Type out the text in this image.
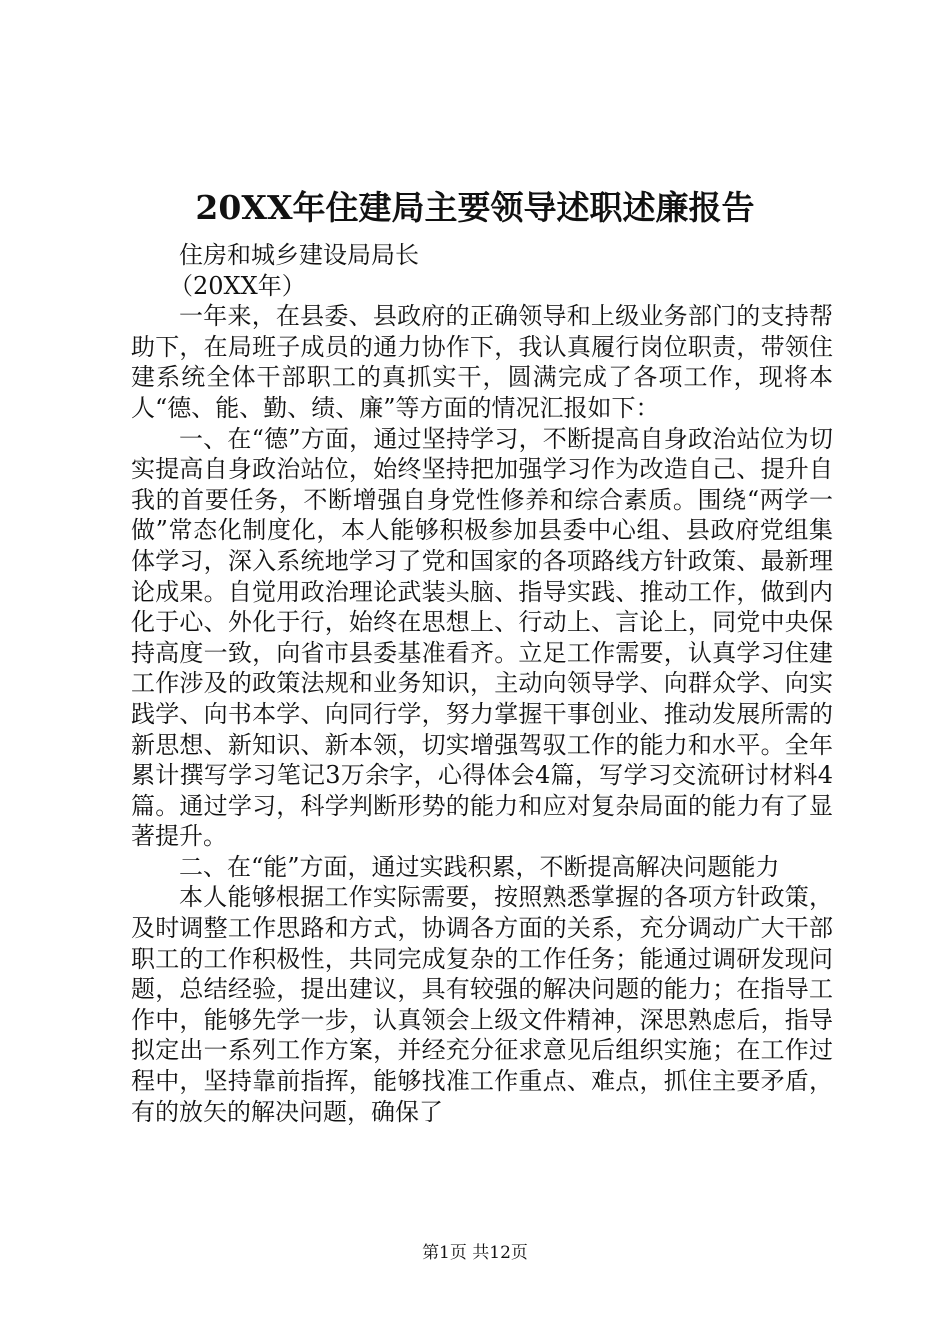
20XX年住建局主要领导述职述廉报告

住房和城乡建设局局长

（20XX年）

一年来，在县委、县政府的正确领导和上级业务部门的支持帮助下，在局班子成员的通力协作下，我认真履行岗位职责，带领住建系统全体干部职工的真抓实干，圆满完成了各项工作，现将本人“德、能、勤、绩、廉”等方面的情况汇报如下：

一、在“德”方面，通过坚持学习，不断提高自身政治站位为切实提高自身政治站位，始终坚持把加强学习作为改造自己、提升自我的首要任务，不断增强自身党性修养和综合素质。围绕“两学一做”常态化制度化，本人能够积极参加县委中心组、县政府党组集体学习，深入系统地学习了党和国家的各项路线方针政策、最新理论成果。自觉用政治理论武装头脑、指导实践、推动工作，做到内化于心、外化于行，始终在思想上、行动上、言论上，同党中央保持高度一致，向省市县委基准看齐。立足工作需要，认真学习住建工作涉及的政策法规和业务知识，主动向领导学、向群众学、向实践学、向书本学、向同行学，努力掌握干事创业、推动发展所需的新思想、新知识、新本领，切实增强驾驭工作的能力和水平。全年累计撰写学习笔记3万余字，心得体会4篇，写学习交流研讨材料4篇。通过学习，科学判断形势的能力和应对复杂局面的能力有了显著提升。

二、在“能”方面，通过实践积累，不断提高解决问题能力

本人能够根据工作实际需要，按照熟悉掌握的各项方针政策，及时调整工作思路和方式，协调各方面的关系，充分调动广大干部职工的工作积极性，共同完成复杂的工作任务；能通过调研发现问题，总结经验，提出建议，具有较强的解决问题的能力；在指导工作中，能够先学一步，认真领会上级文件精神，深思熟虑后，指导拟定出一系列工作方案，并经充分征求意见后组织实施；在工作过程中，坚持靠前指挥，能够找准工作重点、难点，抓住主要矛盾，有的放矢的解决问题，确保了

第1页 共12页
